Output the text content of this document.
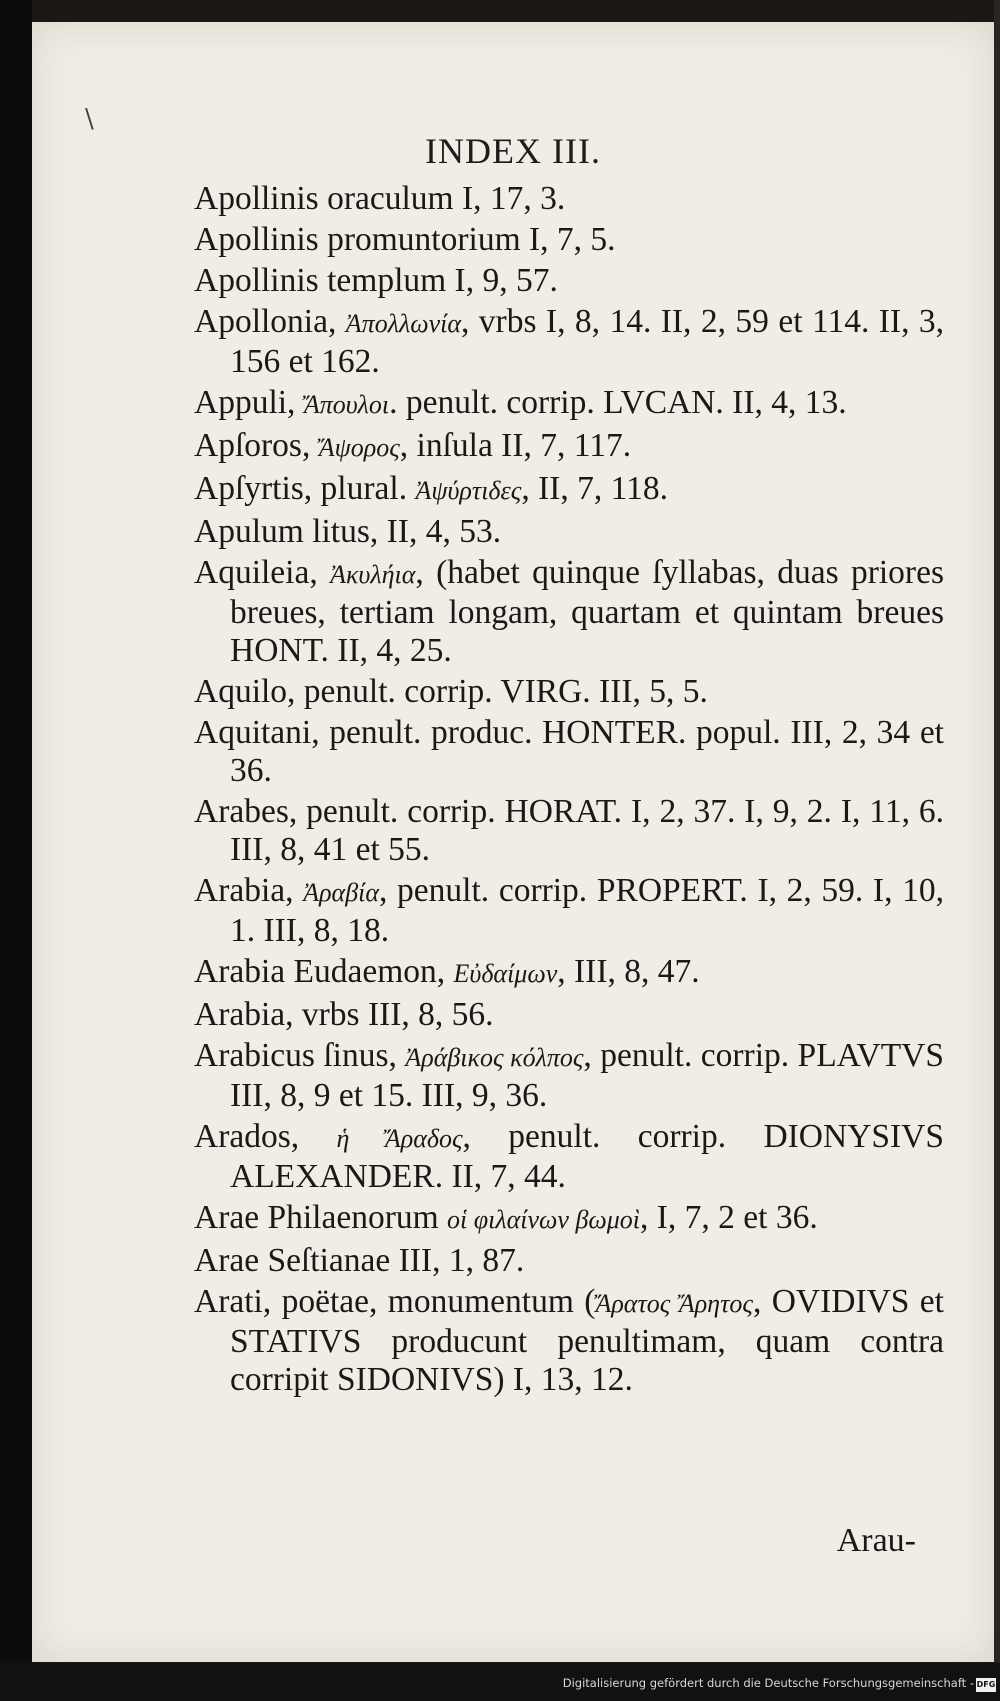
\
INDEX III.
Apollinis oraculum I, 17, 3.
Apollinis promuntorium I, 7, 5.
Apollinis templum I, 9, 57.
Apollonia, Ἀπολλωνία, vrbs I, 8, 14. II, 2, 59 et 114. II, 3, 156 et 162.
Appuli, Ἄπουλοι. penult. corrip. LVCAN. II, 4, 13.
Apſoros, Ἄψορος, inſula II, 7, 117.
Apſyrtis, plural. Ἀψύρτιδες, II, 7, 118.
Apulum litus, II, 4, 53.
Aquileia, Ἀκυλήια, (habet quinque ſyllabas, duas priores breues, tertiam longam, quartam et quintam breues HONT. II, 4, 25.
Aquilo, penult. corrip. VIRG. III, 5, 5.
Aquitani, penult. produc. HONTER. popul. III, 2, 34 et 36.
Arabes, penult. corrip. HORAT. I, 2, 37. I, 9, 2. I, 11, 6. III, 8, 41 et 55.
Arabia, Ἀραβία, penult. corrip. PROPERT. I, 2, 59. I, 10, 1. III, 8, 18.
Arabia Eudaemon, Εὐδαίμων, III, 8, 47.
Arabia, vrbs III, 8, 56.
Arabicus ſinus, Ἀράβικος κόλπος, penult. corrip. PLAVTVS III, 8, 9 et 15. III, 9, 36.
Arados, ἡ Ἄραδος, penult. corrip. DIONYSIVS ALEXANDER. II, 7, 44.
Arae Philaenorum οἱ φιλαίνων βωμοὶ, I, 7, 2 et 36.
Arae Seſtianae III, 1, 87.
Arati, poëtae, monumentum (Ἄρατος Ἄρητος, OVIDIVS et STATIVS producunt penultimam, quam contra corripit SIDONIVS) I, 13, 12.
Arau-
Digitalisierung gefördert durch die Deutsche Forschungsgemeinschaft - DFG
